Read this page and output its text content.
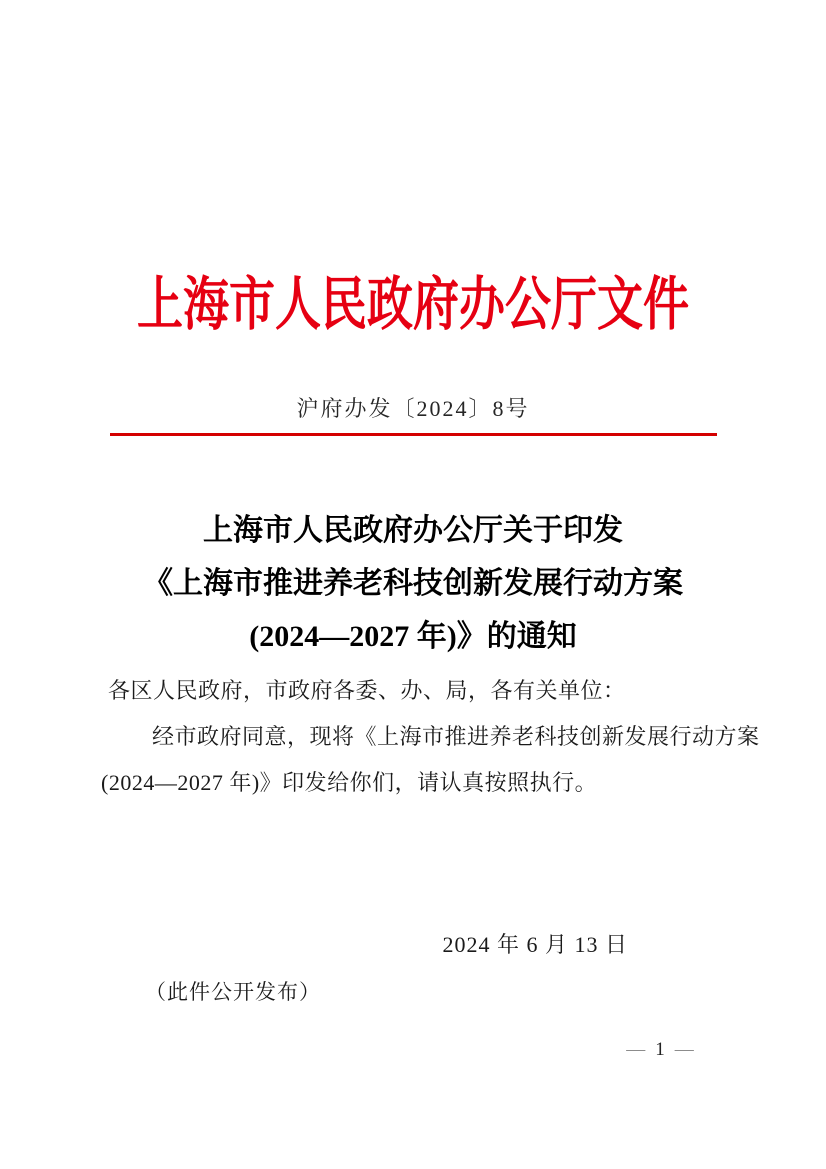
上海市人民政府办公厅文件
沪府办发〔2024〕8号
上海市人民政府办公厅关于印发
《上海市推进养老科技创新发展行动方案
(2024—2027 年)》的通知
各区人民政府，市政府各委、办、局，各有关单位：
经市政府同意，现将《上海市推进养老科技创新发展行动方案
(2024—2027 年)》印发给你们，请认真按照执行。
2024 年 6 月 13 日
（此件公开发布）
— 1 —
